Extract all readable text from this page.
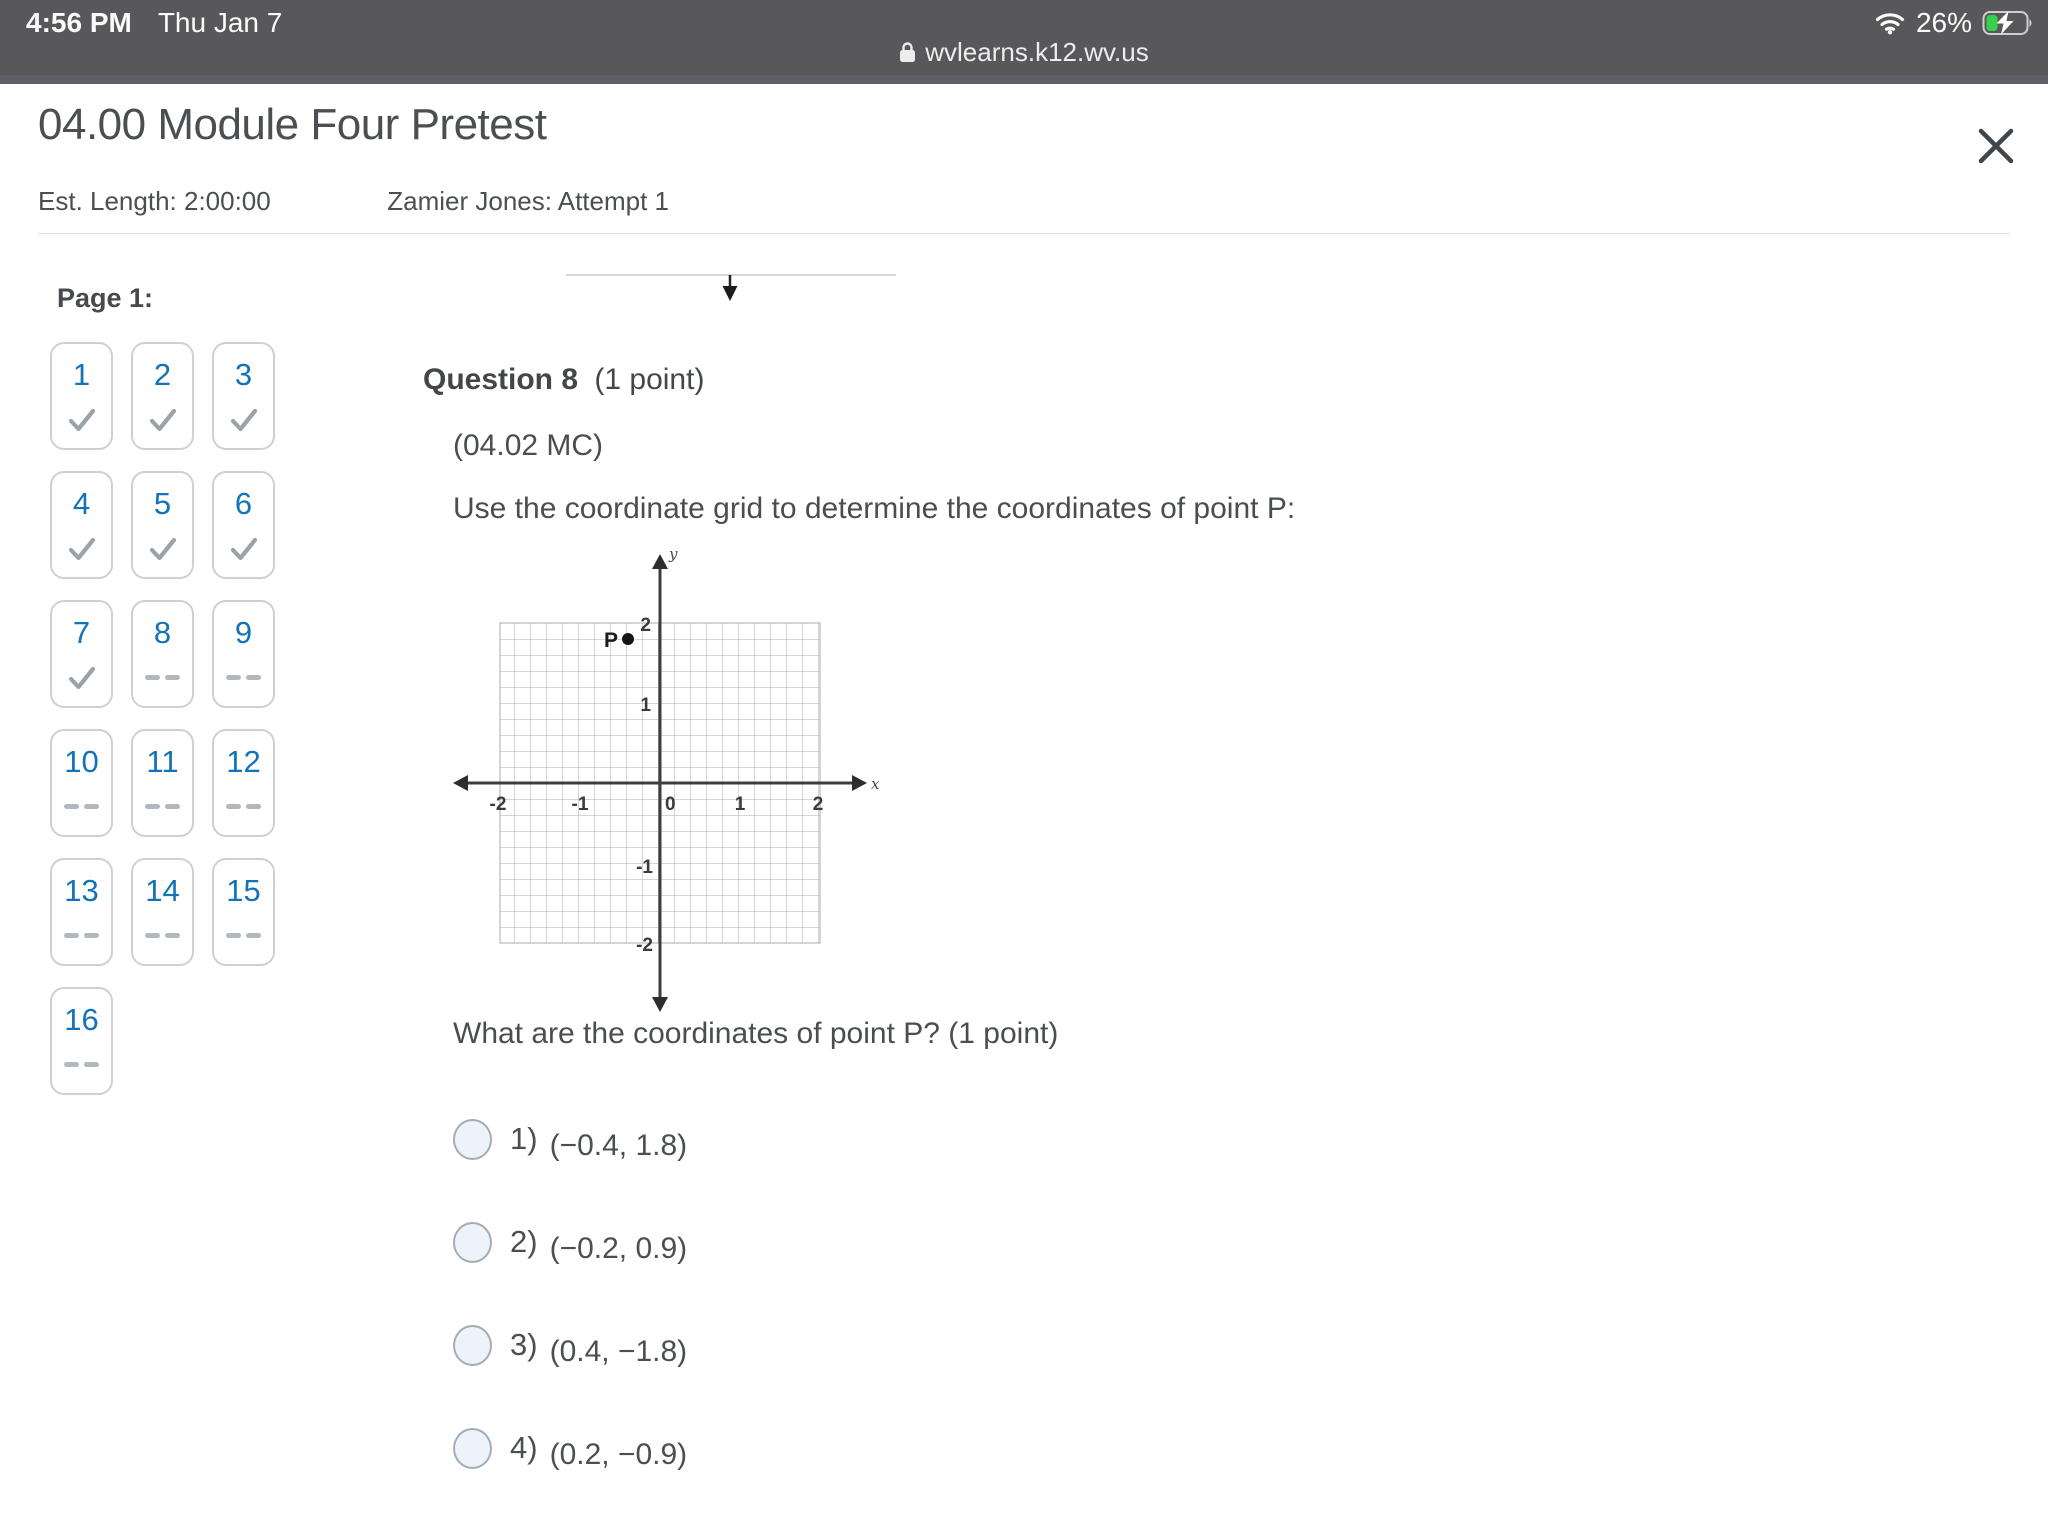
4:56 PM Thu Jan 7	26%
wvlearns.k12.wv.us
04.00 Module Four Pretest
Est. Length: 2:00:00	Zamier Jones: Attempt 1
Page 1:
1 2 3
4 5 6
7 8 9
10 11 12
13 14 15
16
Question 8 (1 point)
(04.02 MC)
Use the coordinate grid to determine the coordinates of point P:
y
x
-2	-1	0	1	2
2
1
-1
-2
P
What are the coordinates of point P? (1 point)
1) (−0.4, 1.8)
2) (−0.2, 0.9)
3) (0.4, −1.8)
4) (0.2, −0.9)
